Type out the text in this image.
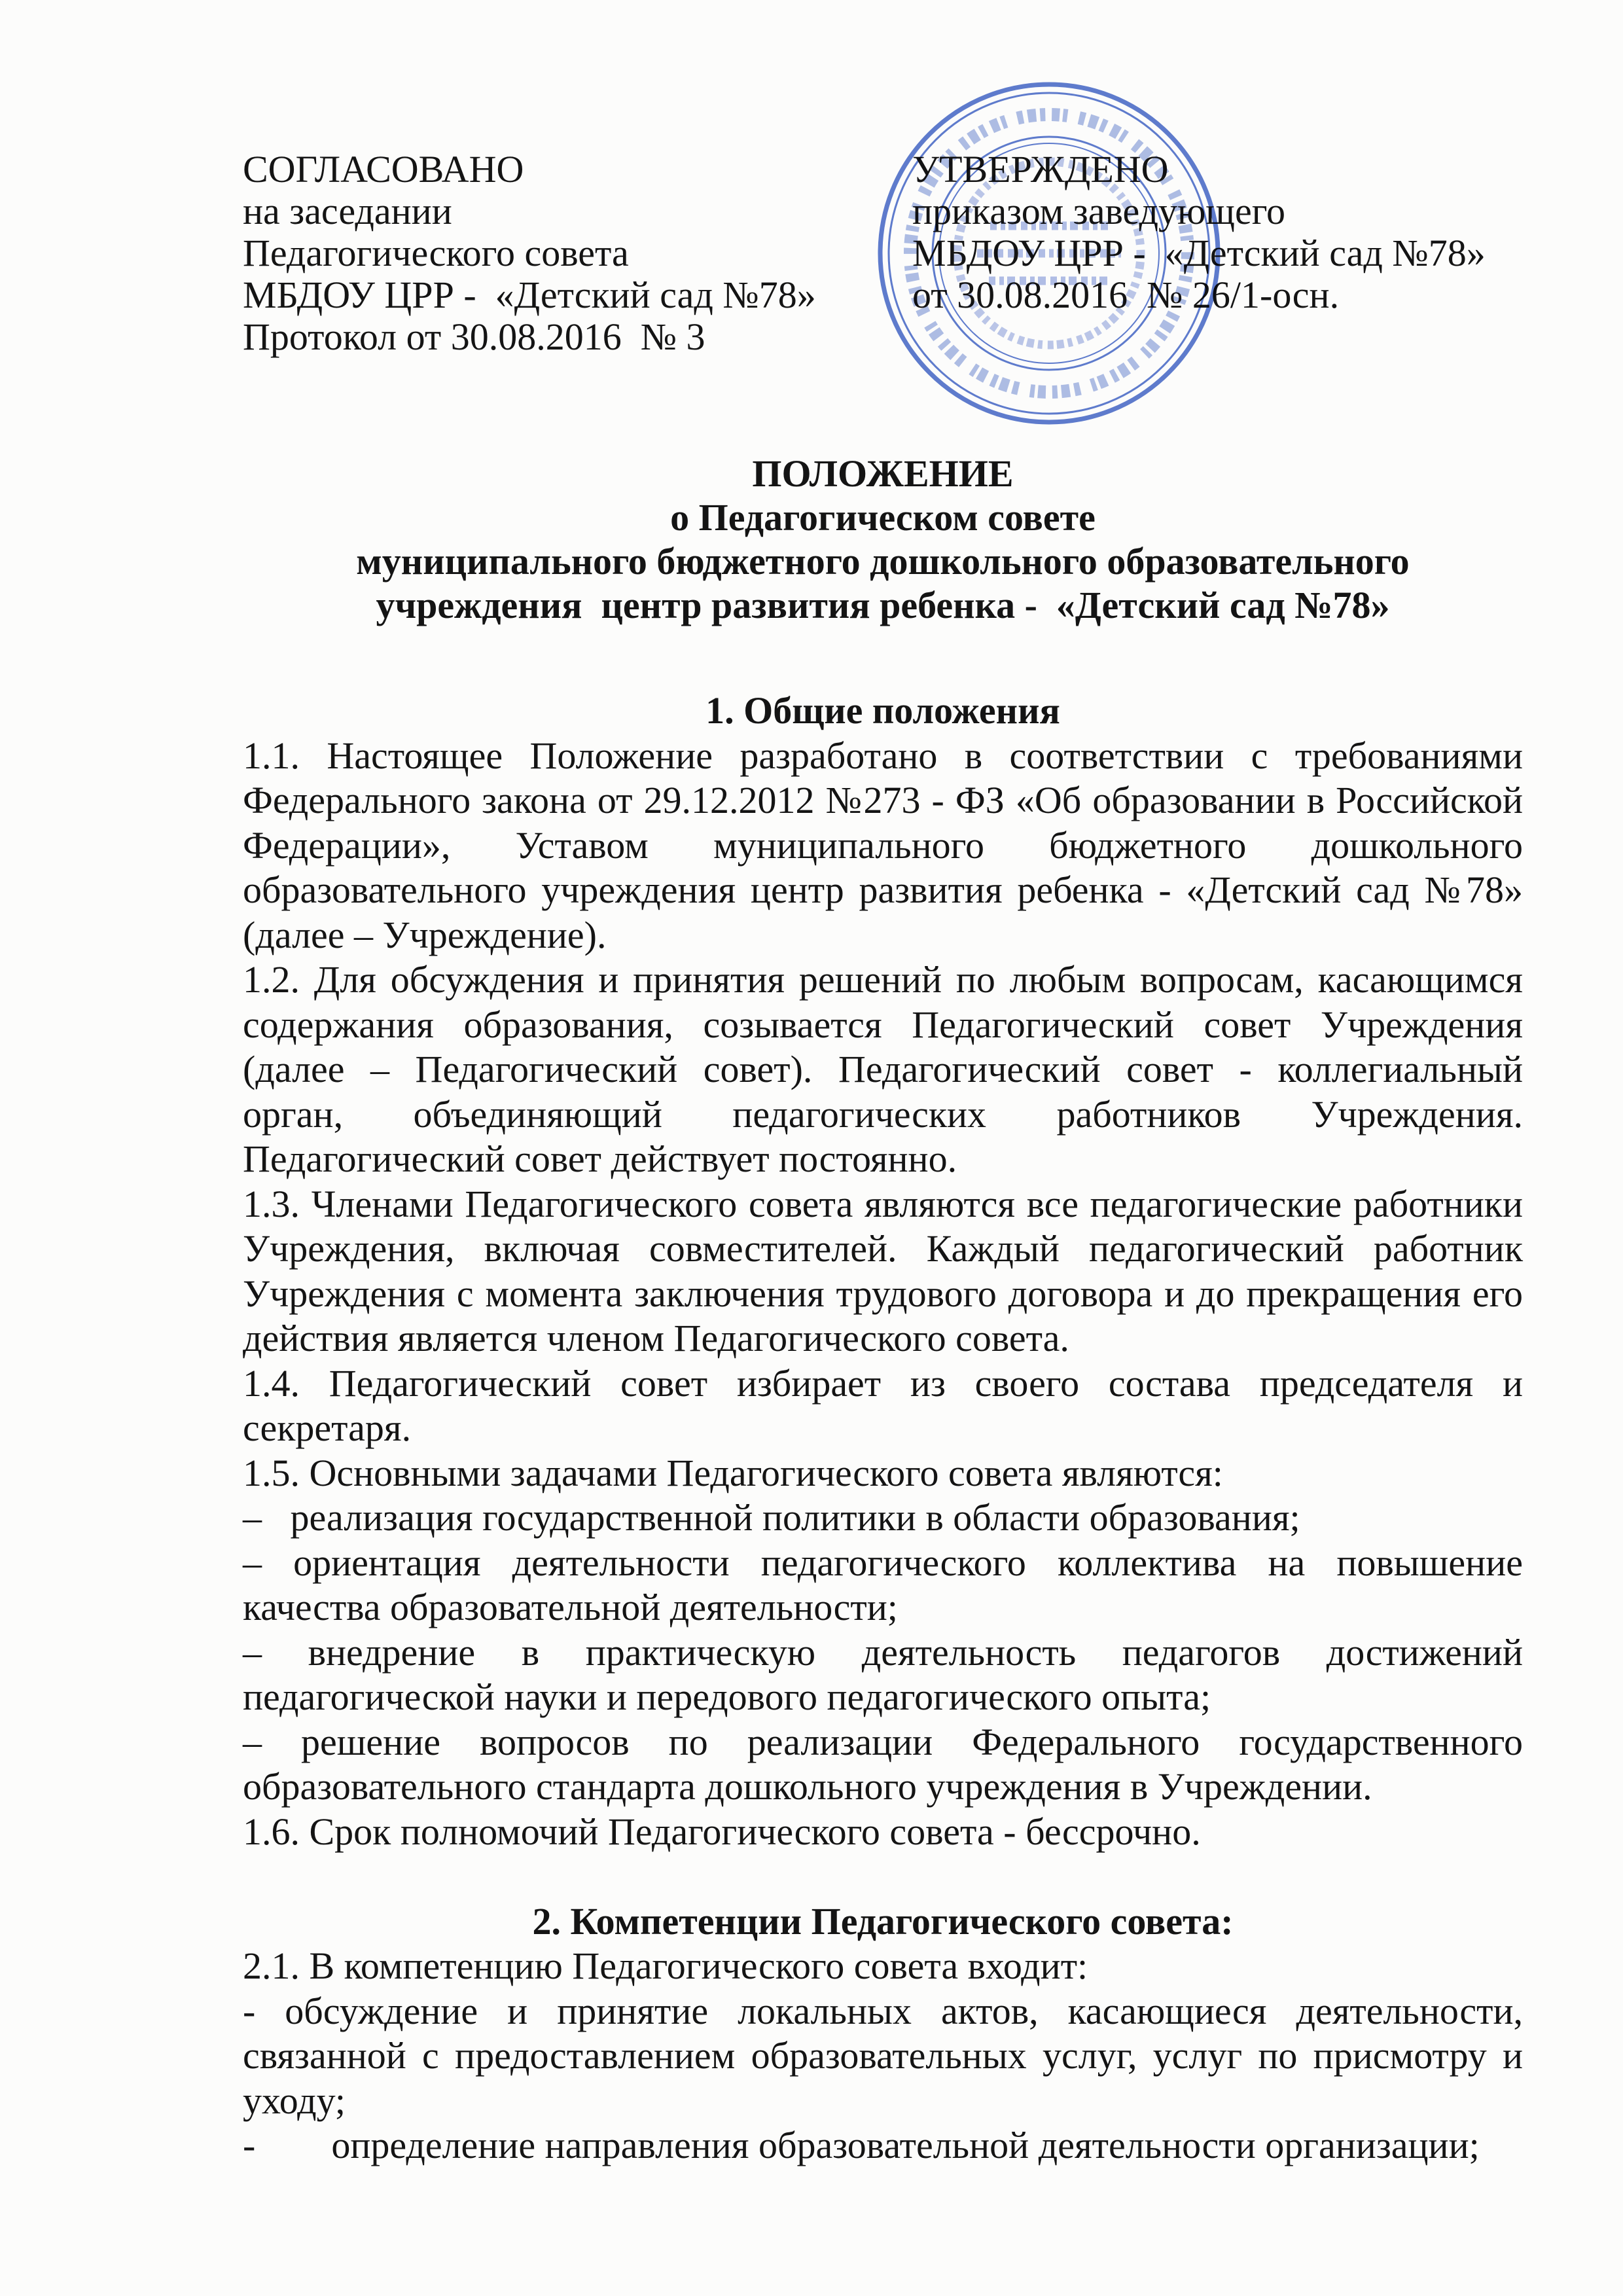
СОГЛАСОВАНО
на заседании
Педагогического совета
МБДОУ ЦРР -  «Детский сад №78»
Протокол от 30.08.2016  № 3
УТВЕРЖДЕНО
приказом заведующего
МБДОУ ЦРР -  «Детский сад №78»
от 30.08.2016  № 26/1-осн.
ПОЛОЖЕНИЕ
о Педагогическом совете
муниципального бюджетного дошкольного образовательного
учреждения  центр развития ребенка -  «Детский сад №78»
1. Общие положения
1.1. Настоящее Положение разработано в соответствии с требованиями
Федерального закона от 29.12.2012 №273 - ФЗ «Об образовании в Российской
Федерации», Уставом муниципального бюджетного дошкольного
образовательного учреждения центр развития ребенка - «Детский сад №78»
(далее – Учреждение).
1.2. Для обсуждения и принятия решений по любым вопросам, касающимся
содержания образования, созывается Педагогический совет Учреждения
(далее – Педагогический совет). Педагогический совет - коллегиальный
орган, объединяющий педагогических работников Учреждения.
Педагогический совет действует постоянно.
1.3. Членами Педагогического совета являются все педагогические работники
Учреждения, включая совместителей. Каждый педагогический работник
Учреждения с момента заключения трудового договора и до прекращения его
действия является членом Педагогического совета.
1.4. Педагогический совет избирает из своего состава председателя и
секретаря.
1.5. Основными задачами Педагогического совета являются:
–   реализация государственной политики в области образования;
– ориентация деятельности педагогического коллектива на повышение
качества образовательной деятельности;
– внедрение в практическую деятельность педагогов достижений
педагогической науки и передового педагогического опыта;
– решение вопросов по реализации Федерального государственного
образовательного стандарта дошкольного учреждения в Учреждении.
1.6. Срок полномочий Педагогического совета - бессрочно.
2. Компетенции Педагогического совета:
2.1. В компетенцию Педагогического совета входит:
- обсуждение и принятие локальных актов, касающиеся деятельности,
связанной с предоставлением образовательных услуг, услуг по присмотру и
уходу;
-        определение направления образовательной деятельности организации;
